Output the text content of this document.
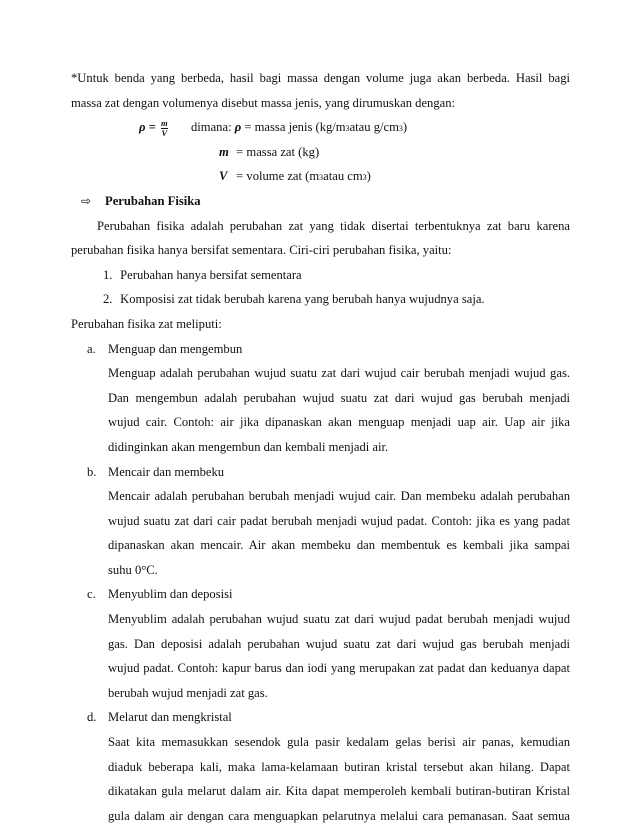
*Untuk benda yang berbeda, hasil bagi massa dengan volume juga akan berbeda. Hasil bagi
massa zat dengan volumenya disebut massa jenis, yang dirumuskan dengan:
$\rho = \frac{m}{V}$ dimana:
ρ
= massa jenis (kg/m 3 atau g/cm 3 )
m
= massa zat (kg)
V
= volume zat (m 3 atau cm 3 )
⇨	Perubahan Fisika
Perubahan fisika adalah perubahan zat yang tidak disertai terbentuknya zat baru karena
perubahan fisika hanya bersifat sementara. Ciri-ciri perubahan fisika, yaitu:
1.
Perubahan hanya bersifat sementara
2.
Komposisi zat tidak berubah karena yang berubah hanya wujudnya saja.
Perubahan fisika zat meliputi:
a. Menguap dan mengembun
Menguap adalah perubahan wujud suatu zat dari wujud cair berubah menjadi wujud gas.
Dan mengembun adalah perubahan wujud suatu zat dari wujud gas berubah menjadi
wujud cair. Contoh: air jika dipanaskan akan menguap menjadi uap air. Uap air jika
didinginkan akan mengembun dan kembali menjadi air.
b. Mencair dan membeku
Mencair adalah perubahan berubah menjadi wujud cair. Dan membeku adalah perubahan
wujud suatu zat dari cair padat berubah menjadi wujud padat. Contoh: jika es yang padat
dipanaskan akan mencair. Air akan membeku dan membentuk es kembali jika sampai
suhu 0°C.
c. Menyublim dan deposisi
Menyublim adalah perubahan wujud suatu zat dari wujud padat berubah menjadi wujud
gas. Dan deposisi adalah perubahan wujud suatu zat dari wujud gas berubah menjadi
wujud padat. Contoh: kapur barus dan iodi yang merupakan zat padat dan keduanya dapat
berubah wujud menjadi zat gas.
d. Melarut dan mengkristal
Saat kita memasukkan sesendok gula pasir kedalam gelas berisi air panas, kemudian
diaduk beberapa kali, maka lama-kelamaan butiran kristal tersebut akan hilang. Dapat
dikatakan gula melarut dalam air. Kita dapat memperoleh kembali butiran-butiran Kristal
gula dalam air dengan cara menguapkan pelarutnya melalui cara pemanasan. Saat semua
